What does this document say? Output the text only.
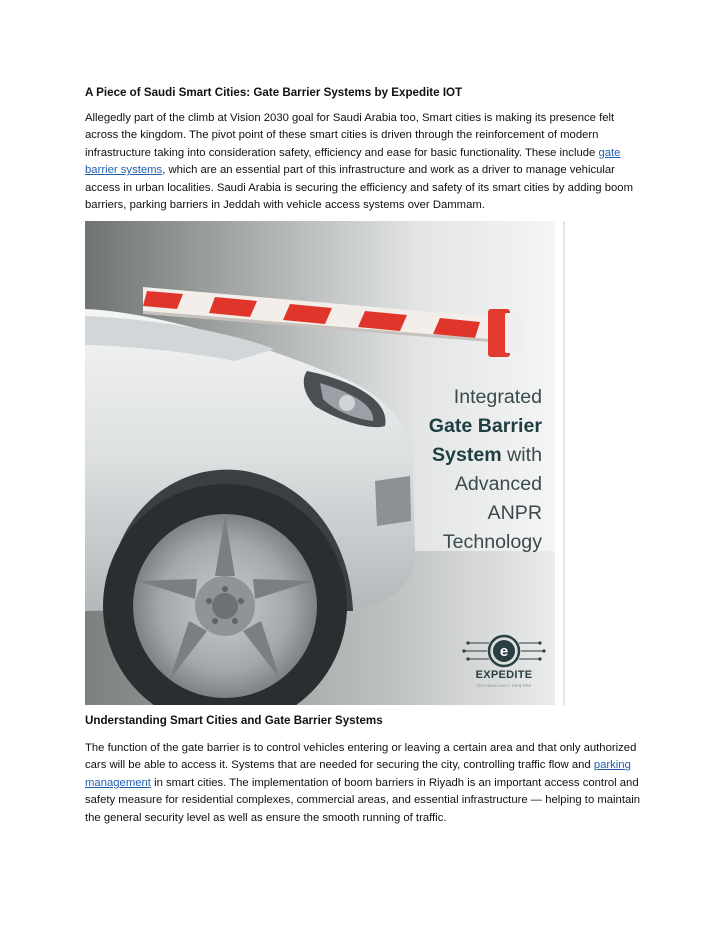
A Piece of Saudi Smart Cities: Gate Barrier Systems by Expedite IOT

Allegedly part of the climb at Vision 2030 goal for Saudi Arabia too, Smart cities is making its presence felt across the kingdom. The pivot point of these smart cities is driven through the reinforcement of modern infrastructure taking into consideration safety, efficiency and ease for basic functionality. These include gate barrier systems, which are an essential part of this infrastructure and work as a driver to manage vehicular access in urban localities. Saudi Arabia is securing the efficiency and safety of its smart cities by adding boom barriers, parking barriers in Jeddah with vehicle access systems over Dammam.

Integrated
Gate Barrier
System with
Advanced
ANPR
Technology
e
EXPEDITE
TECHNOLOGY CENTRE

Understanding Smart Cities and Gate Barrier Systems

The function of the gate barrier is to control vehicles entering or leaving a certain area and that only authorized cars will be able to access it. Systems that are needed for securing the city, controlling traffic flow and parking management in smart cities. The implementation of boom barriers in Riyadh is an important access control and safety measure for residential complexes, commercial areas, and essential infrastructure — helping to maintain the general security level as well as ensure the smooth running of traffic.
